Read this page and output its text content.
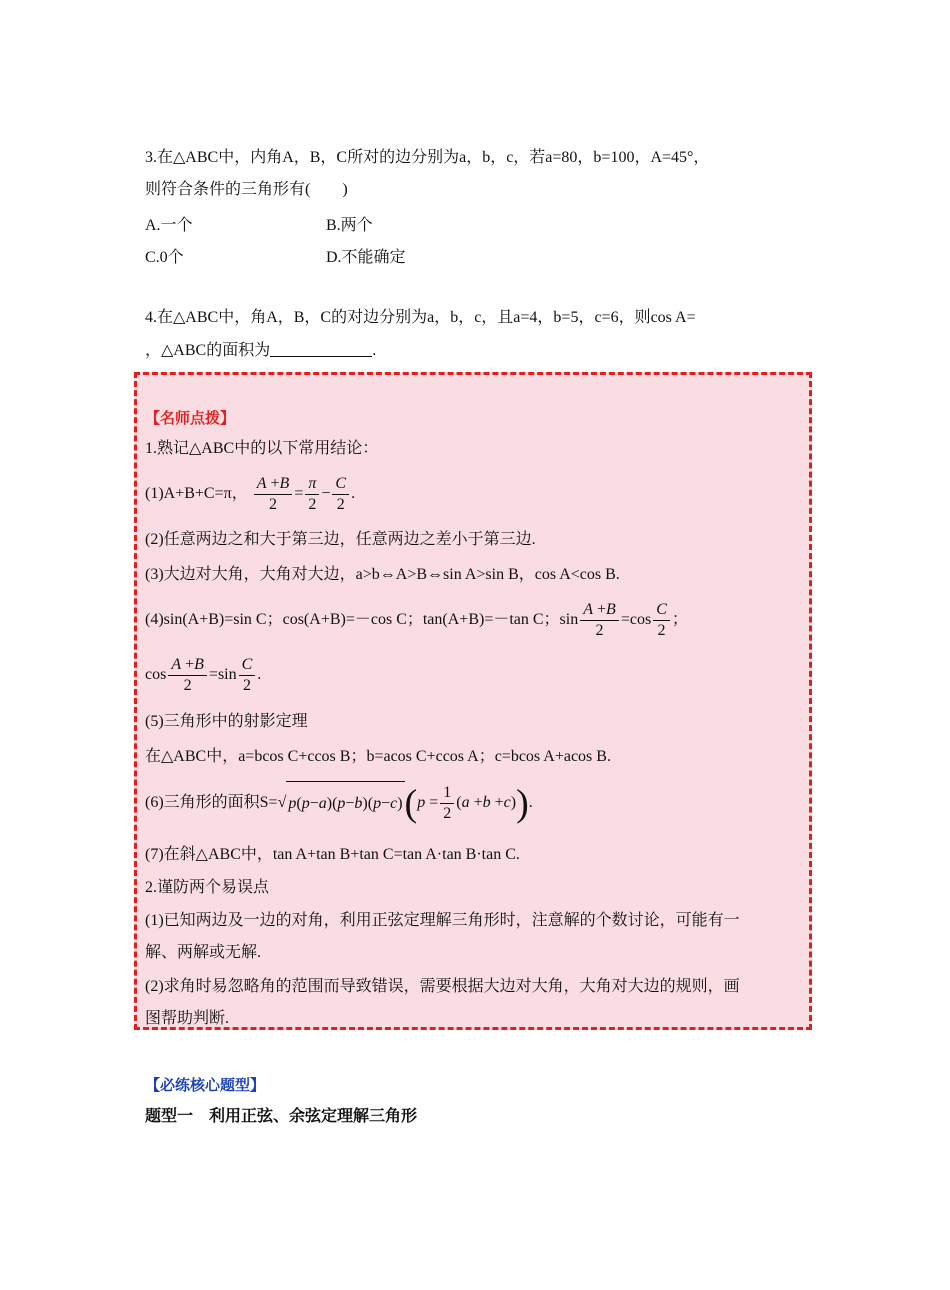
3.在△ABC中，内角A，B，C所对的边分别为a，b，c，若a=80，b=100，A=45°，
则符合条件的三角形有(　　)
A.一个	B.两个
C.0个	D.不能确定
4.在△ABC中，角A，B，C的对边分别为a，b，c，且a=4，b=5，c=6，则cos A=
，△ABC的面积为	.
【名师点拨】
1.熟记△ABC中的以下常用结论：
(1)A+B+C=π， $\frac{A +B}{2} = \frac{\pi}{2} - \frac{C}{2}$ .
(2)任意两边之和大于第三边，任意两边之差小于第三边.
(3)大边对大角，大角对大边，a>b⇔A>B⇔sin A>sin B，cos A<cos B.
(4)sin(A+B)=sin C；cos(A+B)=－cos C；tan(A+B)=－tan C；$\sin \frac{A +B}{2} =\cos \frac{C}{2}$ ；
$\cos \frac{A +B}{2} =\sin \frac{C}{2}$ .
(5)三角形中的射影定理
在△ABC中，a=bcos C+ccos B；b=acos C+ccos A；c=bcos A+acos B.
(6)三角形的面积S=√ $p(p-a)(p-b)(p-c)(p = \frac{1}{2} (a +b +c))$.
(7)在斜△ABC中，tan A+tan B+tan C=tan A·tan B·tan C.
2.谨防两个易误点
(1)已知两边及一边的对角，利用正弦定理解三角形时，注意解的个数讨论，可能有一
解、两解或无解.
(2)求角时易忽略角的范围而导致错误，需要根据大边对大角，大角对大边的规则，画
图帮助判断.
【必练核心题型】
题型一　利用正弦、余弦定理解三角形
